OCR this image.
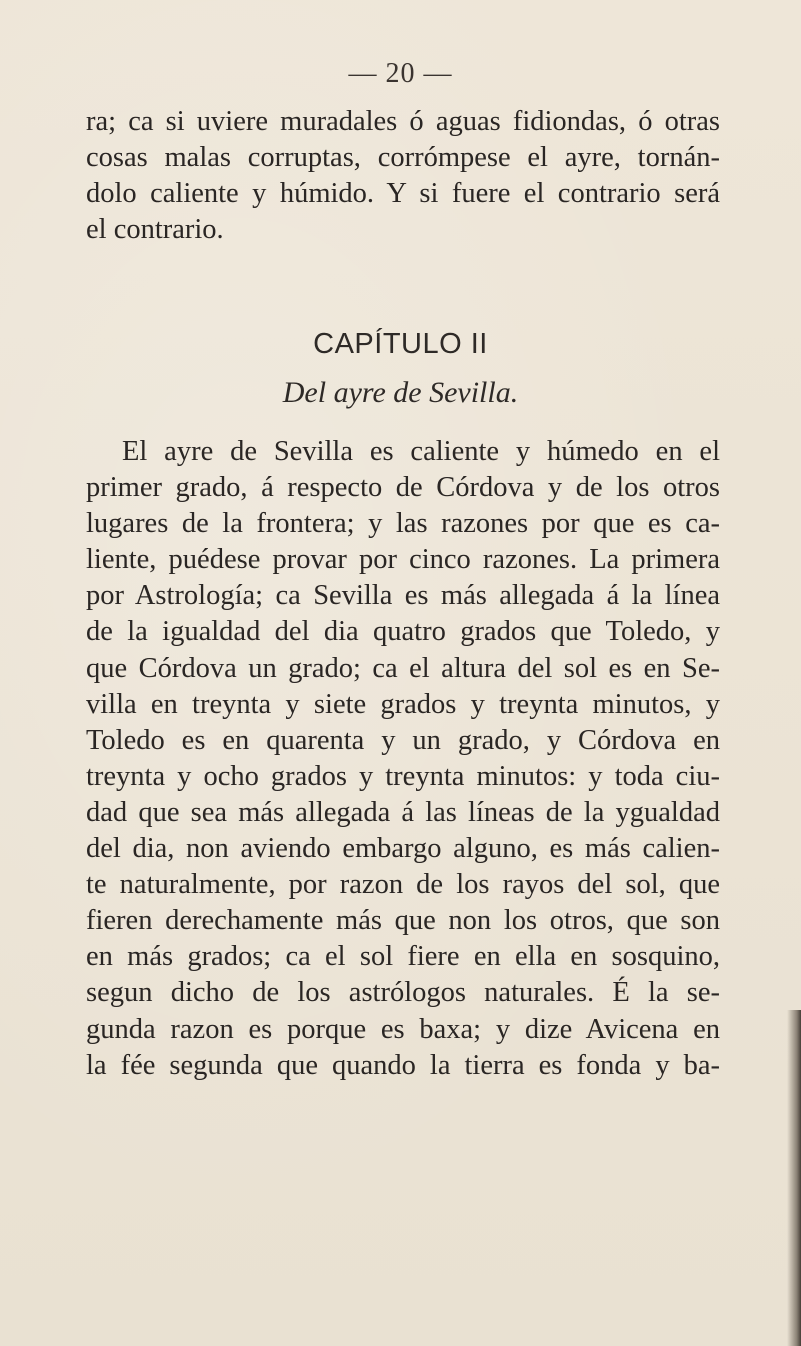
— 20 —
ra; ca si uviere muradales ó aguas fidiondas, ó otras
cosas malas corruptas, corrómpese el ayre, tornán-
dolo caliente y húmido. Y si fuere el contrario será
el contrario.
CAPÍTULO II
Del ayre de Sevilla.
El ayre de Sevilla es caliente y húmedo en el
primer grado, á respecto de Córdova y de los otros
lugares de la frontera; y las razones por que es ca-
liente, puédese provar por cinco razones. La primera
por Astrología; ca Sevilla es más allegada á la línea
de la igualdad del dia quatro grados que Toledo, y
que Córdova un grado; ca el altura del sol es en Se-
villa en treynta y siete grados y treynta minutos, y
Toledo es en quarenta y un grado, y Córdova en
treynta y ocho grados y treynta minutos: y toda ciu-
dad que sea más allegada á las líneas de la ygualdad
del dia, non aviendo embargo alguno, es más calien-
te naturalmente, por razon de los rayos del sol, que
fieren derechamente más que non los otros, que son
en más grados; ca el sol fiere en ella en sosquino,
segun dicho de los astrólogos naturales. É la se-
gunda razon es porque es baxa; y dize Avicena en
la fée segunda que quando la tierra es fonda y ba-
